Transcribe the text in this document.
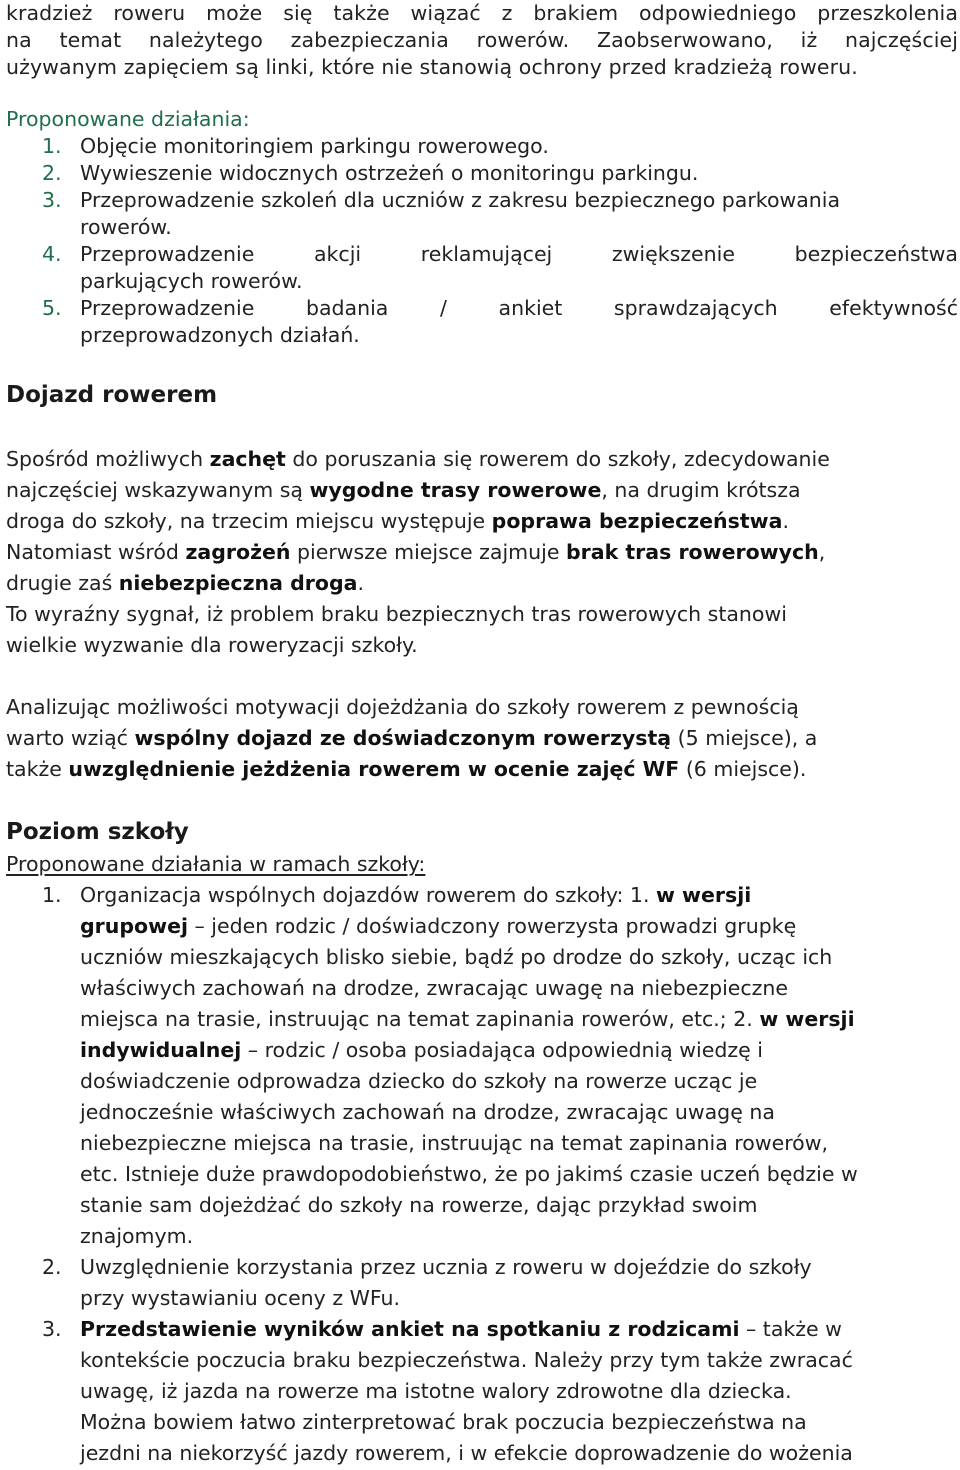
kradzież roweru może się także wiązać z brakiem odpowiedniego przeszkolenia
na temat należytego zabezpieczania rowerów. Zaobserwowano, iż najczęściej
używanym zapięciem są linki, które nie stanowią ochrony przed kradzieżą roweru.

Proponowane działania:

1. Objęcie monitoringiem parkingu rowerowego.
2. Wywieszenie widocznych ostrzeżeń o monitoringu parkingu.
3. Przeprowadzenie szkoleń dla uczniów z zakresu bezpiecznego parkowania
rowerów.
4. Przeprowadzenie akcji reklamującej zwiększenie bezpieczeństwa
parkujących rowerów.
5. Przeprowadzenie badania / ankiet sprawdzających efektywność
przeprowadzonych działań.
Dojazd rowerem

Spośród możliwych zachęt do poruszania się rowerem do szkoły, zdecydowanie
najczęściej wskazywanym są wygodne trasy rowerowe, na drugim krótsza
droga do szkoły, na trzecim miejscu występuje poprawa bezpieczeństwa.
Natomiast wśród zagrożeń pierwsze miejsce zajmuje brak tras rowerowych,
drugie zaś niebezpieczna droga.
To wyraźny sygnał, iż problem braku bezpiecznych tras rowerowych stanowi
wielkie wyzwanie dla roweryzacji szkoły.

Analizując możliwości motywacji dojeżdżania do szkoły rowerem z pewnością
warto wziąć wspólny dojazd ze doświadczonym rowerzystą (5 miejsce), a
także uwzględnienie jeżdżenia rowerem w ocenie zajęć WF (6 miejsce).

Poziom szkoły

Proponowane działania w ramach szkoły:

1. Organizacja wspólnych dojazdów rowerem do szkoły: 1. w wersji
grupowej – jeden rodzic / doświadczony rowerzysta prowadzi grupkę
uczniów mieszkających blisko siebie, bądź po drodze do szkoły, ucząc ich
właściwych zachowań na drodze, zwracając uwagę na niebezpieczne
miejsca na trasie, instruując na temat zapinania rowerów, etc.; 2. w wersji
indywidualnej – rodzic / osoba posiadająca odpowiednią wiedzę i
doświadczenie odprowadza dziecko do szkoły na rowerze ucząc je
jednocześnie właściwych zachowań na drodze, zwracając uwagę na
niebezpieczne miejsca na trasie, instruując na temat zapinania rowerów,
etc. Istnieje duże prawdopodobieństwo, że po jakimś czasie uczeń będzie w
stanie sam dojeżdżać do szkoły na rowerze, dając przykład swoim
znajomym.
2. Uwzględnienie korzystania przez ucznia z roweru w dojeździe do szkoły
przy wystawianiu oceny z WFu.
3. Przedstawienie wyników ankiet na spotkaniu z rodzicami – także w
kontekście poczucia braku bezpieczeństwa. Należy przy tym także zwracać
uwagę, iż jazda na rowerze ma istotne walory zdrowotne dla dziecka.
Można bowiem łatwo zinterpretować brak poczucia bezpieczeństwa na
jezdni na niekorzyść jazdy rowerem, i w efekcie doprowadzenie do wożenia
